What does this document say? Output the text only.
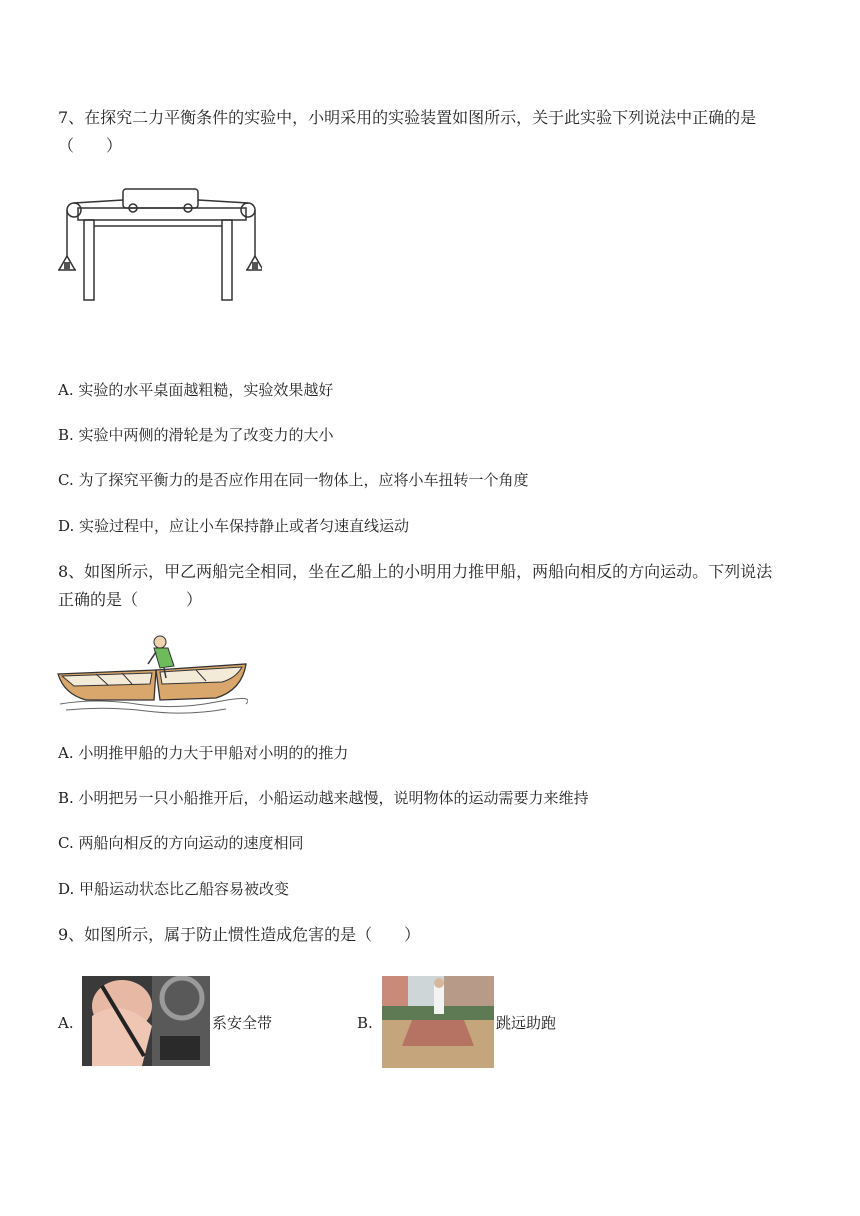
7、在探究二力平衡条件的实验中，小明采用的实验装置如图所示，关于此实验下列说法中正确的是
（　　）
A. 实验的水平桌面越粗糙，实验效果越好
B. 实验中两侧的滑轮是为了改变力的大小
C. 为了探究平衡力的是否应作用在同一物体上，应将小车扭转一个角度
D. 实验过程中，应让小车保持静止或者匀速直线运动
8、如图所示，甲乙两船完全相同，坐在乙船上的小明用力推甲船，两船向相反的方向运动。下列说法
正确的是（　　　）
A. 小明推甲船的力大于甲船对小明的的推力
B. 小明把另一只小船推开后，小船运动越来越慢，说明物体的运动需要力来维持
C. 两船向相反的方向运动的速度相同
D. 甲船运动状态比乙船容易被改变
9、如图所示，属于防止惯性造成危害的是（　　）
A.	系安全带	B.	跳远助跑
